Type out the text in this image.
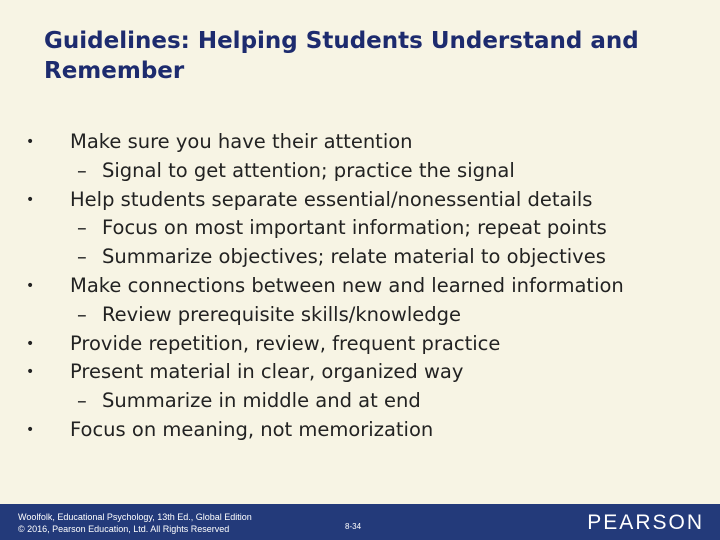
Guidelines: Helping Students Understand and
Remember
• Make sure you have their attention
– Signal to get attention; practice the signal
• Help students separate essential/nonessential details
– Focus on most important information; repeat points
– Summarize objectives; relate material to objectives
• Make connections between new and learned information
– Review prerequisite skills/knowledge
• Provide repetition, review, frequent practice
• Present material in clear, organized way
– Summarize in middle and at end
• Focus on meaning, not memorization
Woolfolk, Educational Psychology, 13th Ed., Global Edition
© 2016, Pearson Education, Ltd. All Rights Reserved	8-34	PEARSON
